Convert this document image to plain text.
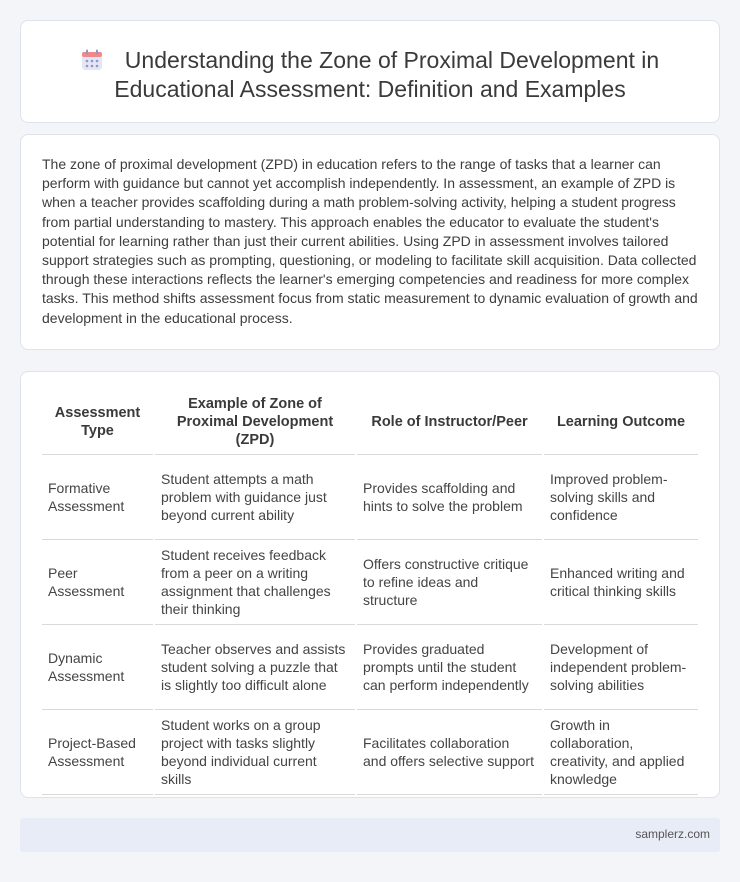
Understanding the Zone of Proximal Development in
Educational Assessment: Definition and Examples

The zone of proximal development (ZPD) in education refers to the range of tasks that a learner can perform with guidance but cannot yet accomplish independently. In assessment, an example of ZPD is when a teacher provides scaffolding during a math problem-solving activity, helping a student progress from partial understanding to mastery. This approach enables the educator to evaluate the student's potential for learning rather than just their current abilities. Using ZPD in assessment involves tailored support strategies such as prompting, questioning, or modeling to facilitate skill acquisition. Data collected through these interactions reflects the learner's emerging competencies and readiness for more complex tasks. This method shifts assessment focus from static measurement to dynamic evaluation of growth and development in the educational process.

Assessment Type	Example of Zone of Proximal Development (ZPD)	Role of Instructor/Peer	Learning Outcome
Formative Assessment	Student attempts a math problem with guidance just beyond current ability	Provides scaffolding and hints to solve the problem	Improved problem-solving skills and confidence
Peer Assessment	Student receives feedback from a peer on a writing assignment that challenges their thinking	Offers constructive critique to refine ideas and structure	Enhanced writing and critical thinking skills
Dynamic Assessment	Teacher observes and assists student solving a puzzle that is slightly too difficult alone	Provides graduated prompts until the student can perform independently	Development of independent problem-solving abilities
Project-Based Assessment	Student works on a group project with tasks slightly beyond individual current skills	Facilitates collaboration and offers selective support	Growth in collaboration, creativity, and applied knowledge
samplerz.com
